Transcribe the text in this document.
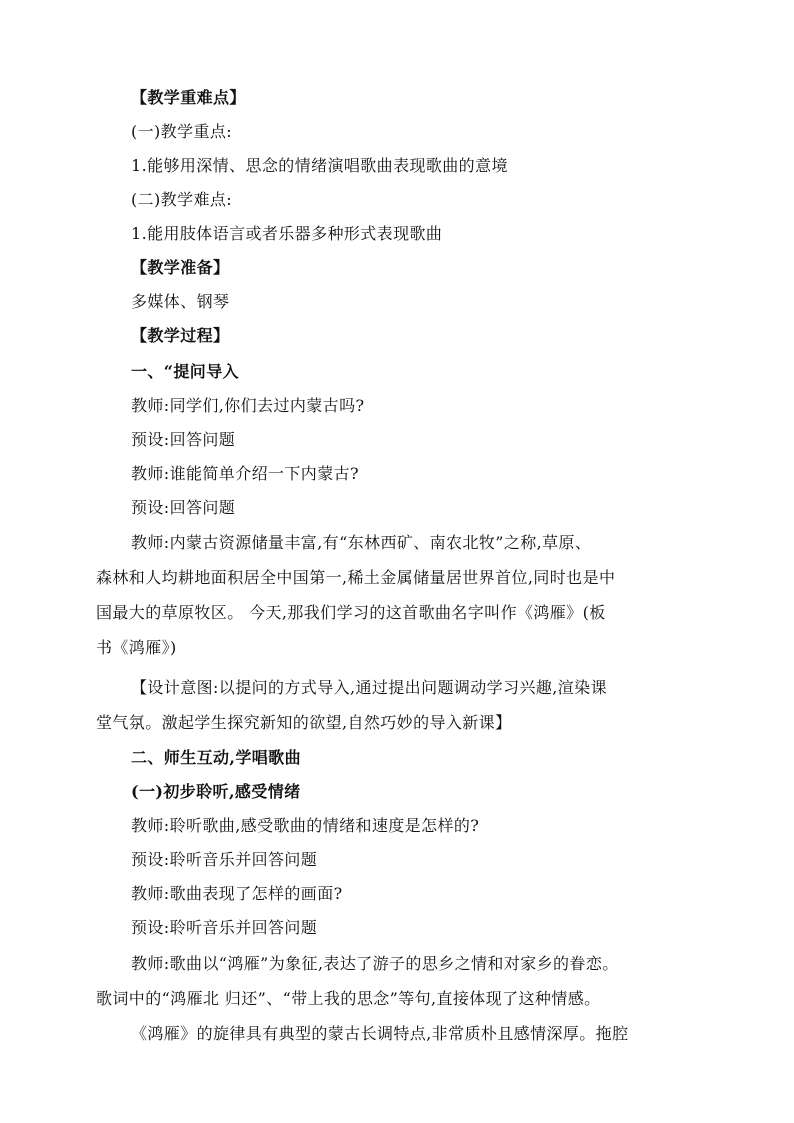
【教学重难点】
(一)教学重点:
1.能够用深情、思念的情绪演唱歌曲表现歌曲的意境
(二)教学难点:
1.能用肢体语言或者乐器多种形式表现歌曲
【教学准备】
多媒体、钢琴
【教学过程】
一、“提问导入
教师:同学们,你们去过内蒙古吗?
预设:回答问题
教师:谁能简单介绍一下内蒙古?
预设:回答问题
教师:内蒙古资源储量丰富,有“东林西矿、南农北牧”之称,草原、
森林和人均耕地面积居全中国第一,稀土金属储量居世界首位,同时也是中
国最大的草原牧区。 今天,那我们学习的这首歌曲名字叫作《鸿雁》(板
书《鸿雁》)
【设计意图:以提问的方式导入,通过提出问题调动学习兴趣,渲染课
堂气氛。激起学生探究新知的欲望,自然巧妙的导入新课】
二、师生互动,学唱歌曲
(一)初步聆听,感受情绪
教师:聆听歌曲,感受歌曲的情绪和速度是怎样的?
预设:聆听音乐并回答问题
教师:歌曲表现了怎样的画面?
预设:聆听音乐并回答问题
教师:歌曲以“鸿雁”为象征,表达了游子的思乡之情和对家乡的眷恋。
歌词中的“鸿雁北 归还”、“带上我的思念”等句,直接体现了这种情感。
《鸿雁》的旋律具有典型的蒙古长调特点,非常质朴且感情深厚。拖腔
